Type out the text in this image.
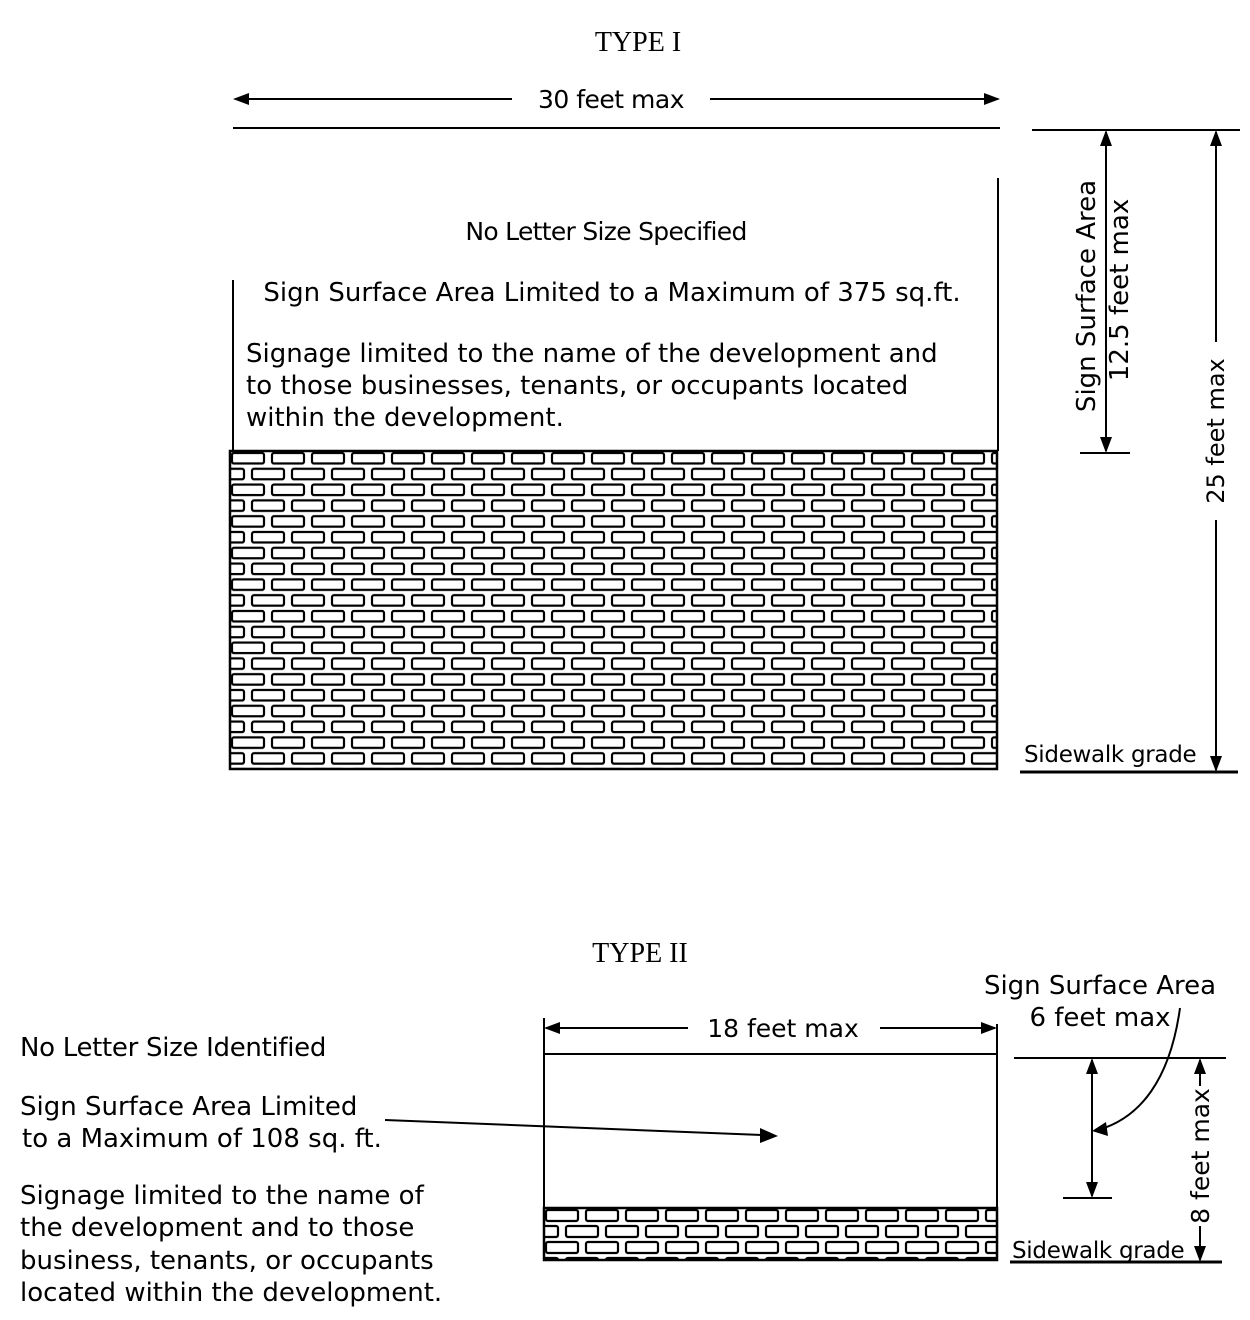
TYPE I
30 feet max
No Letter Size Specified
Sign Surface Area Limited to a Maximum of 375 sq.ft.
Signage limited to the name of the development and
to those businesses, tenants, or occupants located
within the development.
Sign Surface Area 12.5 feet max
25 feet max
Sidewalk grade
TYPE II
18 feet max
Sign Surface Area
6 feet max
8 feet max
Sidewalk grade
No Letter Size Identified
Sign Surface Area Limited
to a Maximum of 108 sq. ft.
Signage limited to the name of
the development and to those
business, tenants, or occupants
located within the development.
